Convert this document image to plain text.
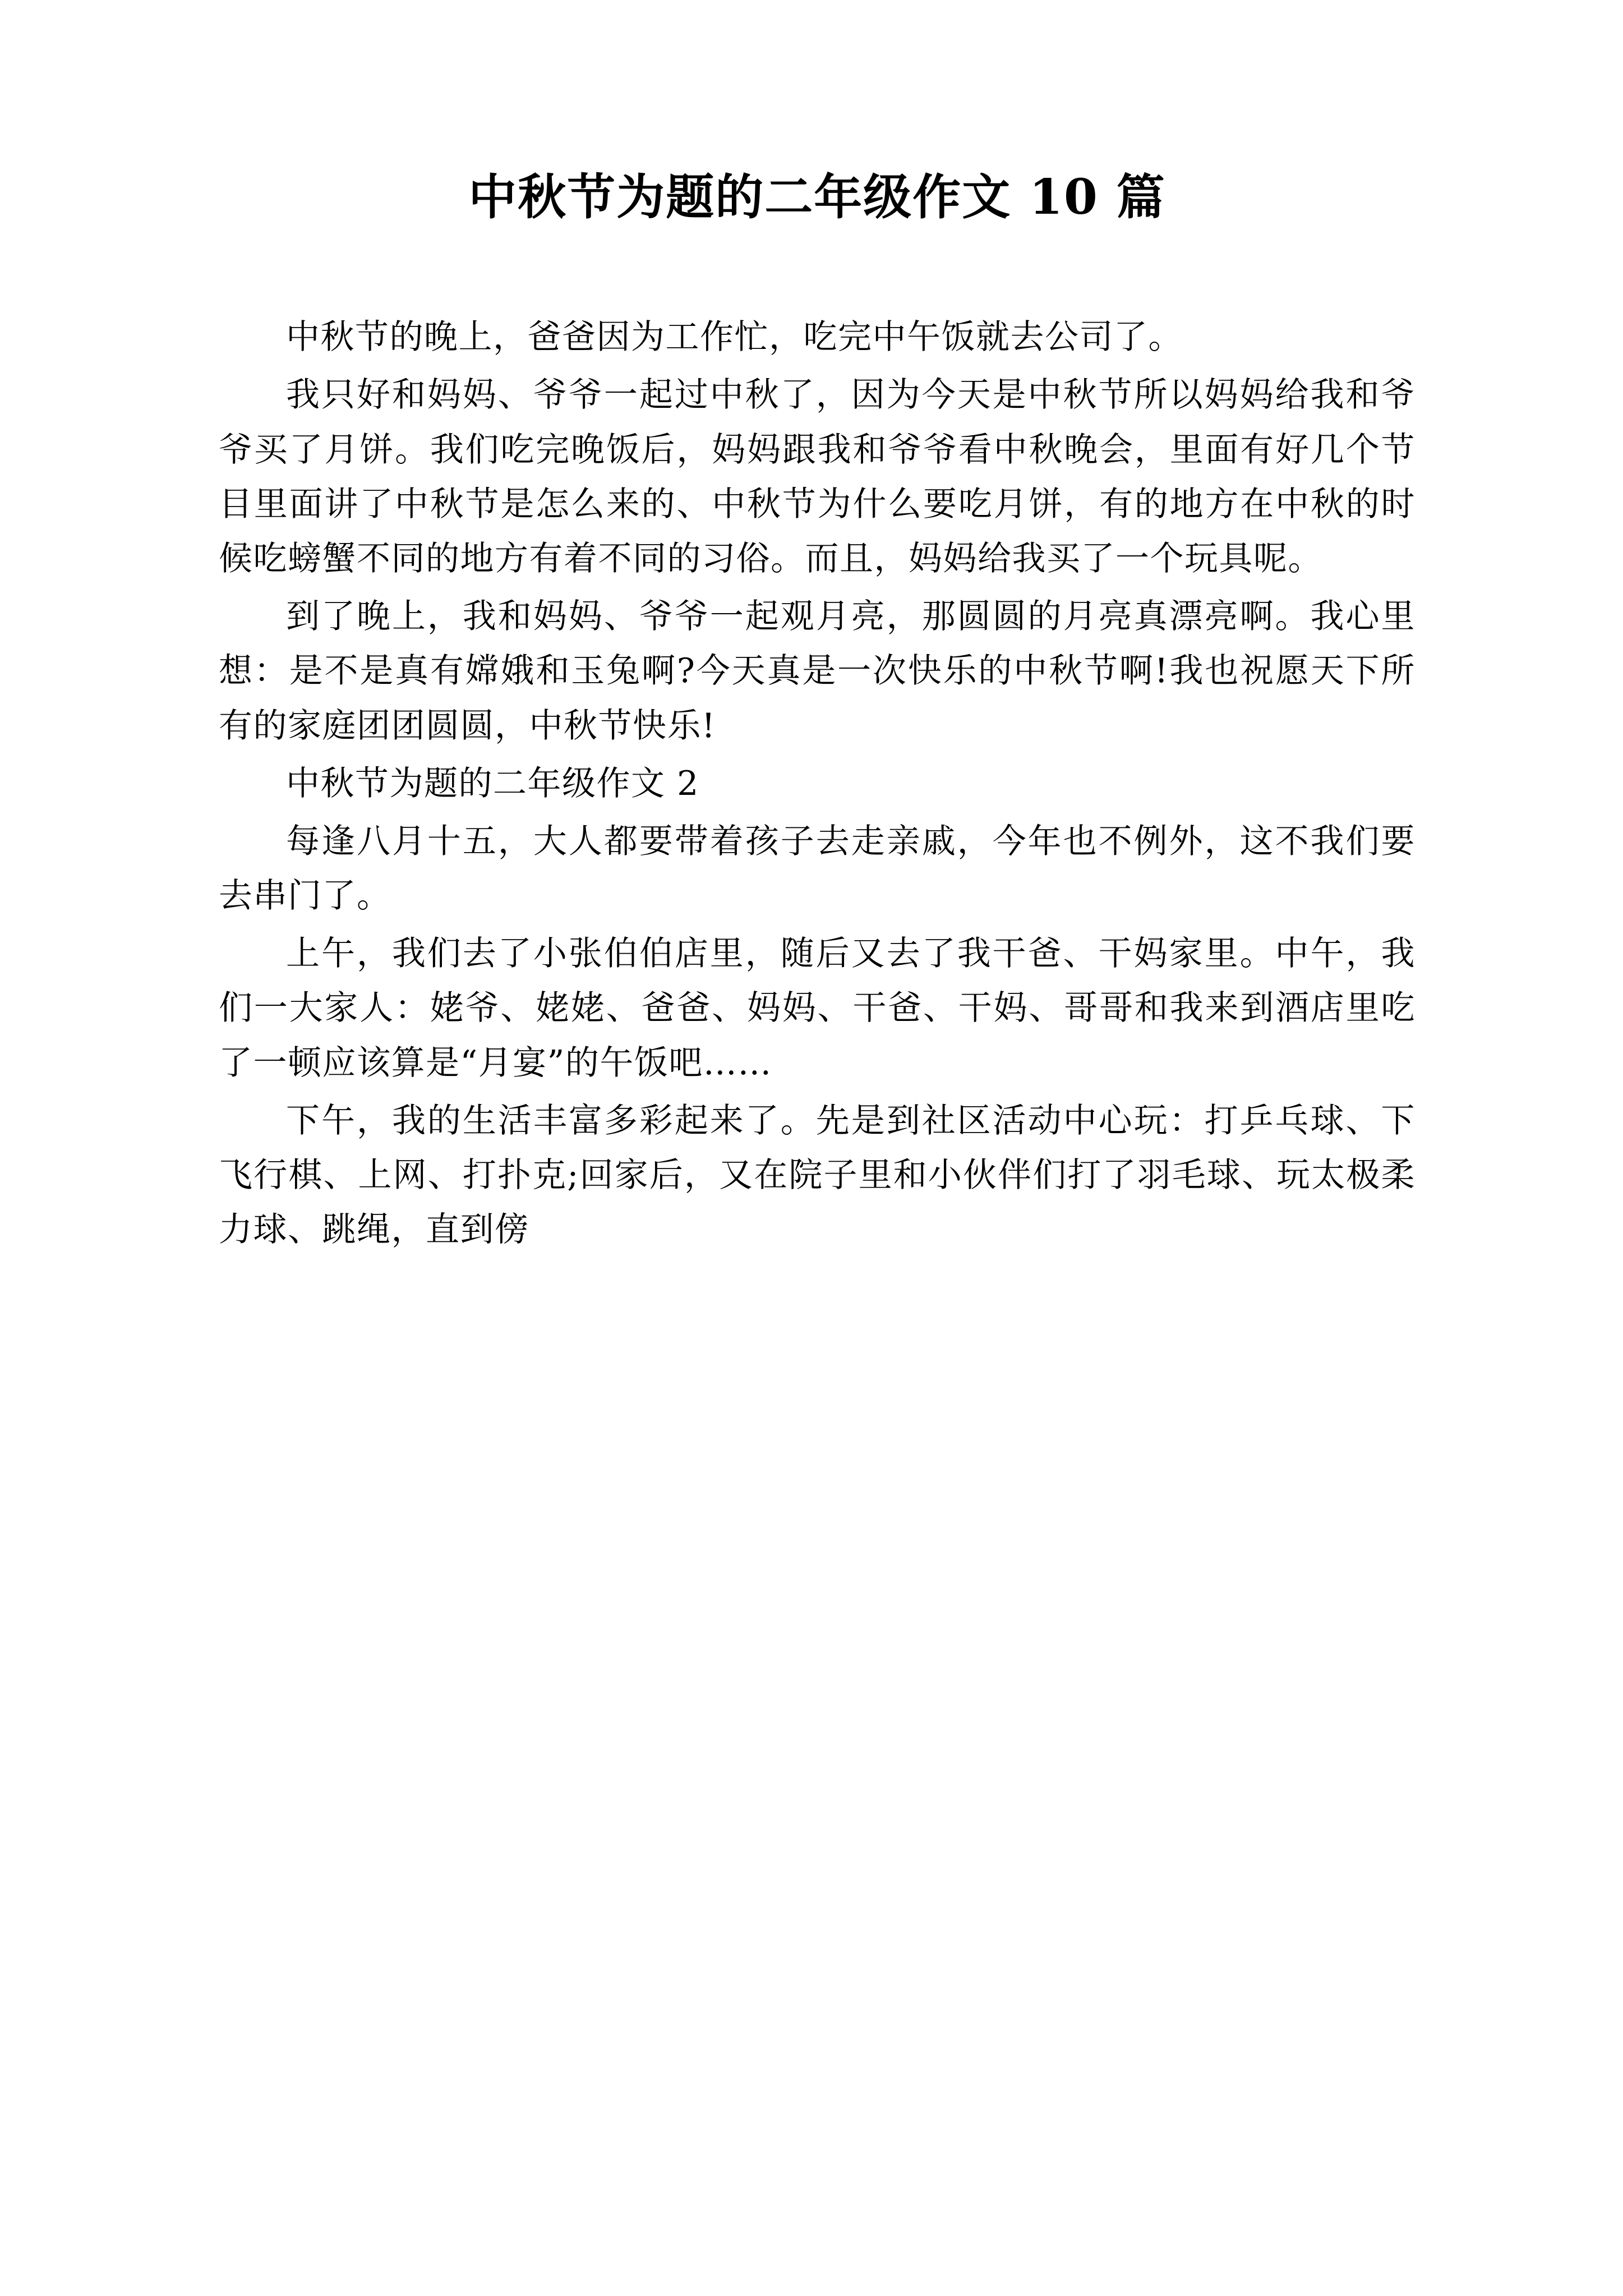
中秋节为题的二年级作文 10 篇

中秋节的晚上，爸爸因为工作忙，吃完中午饭就去公司了。

我只好和妈妈、爷爷一起过中秋了，因为今天是中秋节所以妈妈给我和爷爷买了月饼。我们吃完晚饭后，妈妈跟我和爷爷看中秋晚会，里面有好几个节目里面讲了中秋节是怎么来的、中秋节为什么要吃月饼，有的地方在中秋的时候吃螃蟹不同的地方有着不同的习俗。而且，妈妈给我买了一个玩具呢。

到了晚上，我和妈妈、爷爷一起观月亮，那圆圆的月亮真漂亮啊。我心里想：是不是真有嫦娥和玉兔啊?今天真是一次快乐的中秋节啊!我也祝愿天下所有的家庭团团圆圆，中秋节快乐!

中秋节为题的二年级作文 2

每逢八月十五，大人都要带着孩子去走亲戚，今年也不例外，这不我们要去串门了。

上午，我们去了小张伯伯店里，随后又去了我干爸、干妈家里。中午，我们一大家人：姥爷、姥姥、爸爸、妈妈、干爸、干妈、哥哥和我来到酒店里吃了一顿应该算是“月宴”的午饭吧……

下午，我的生活丰富多彩起来了。先是到社区活动中心玩：打乒乓球、下飞行棋、上网、打扑克;回家后，又在院子里和小伙伴们打了羽毛球、玩太极柔力球、跳绳，直到傍
